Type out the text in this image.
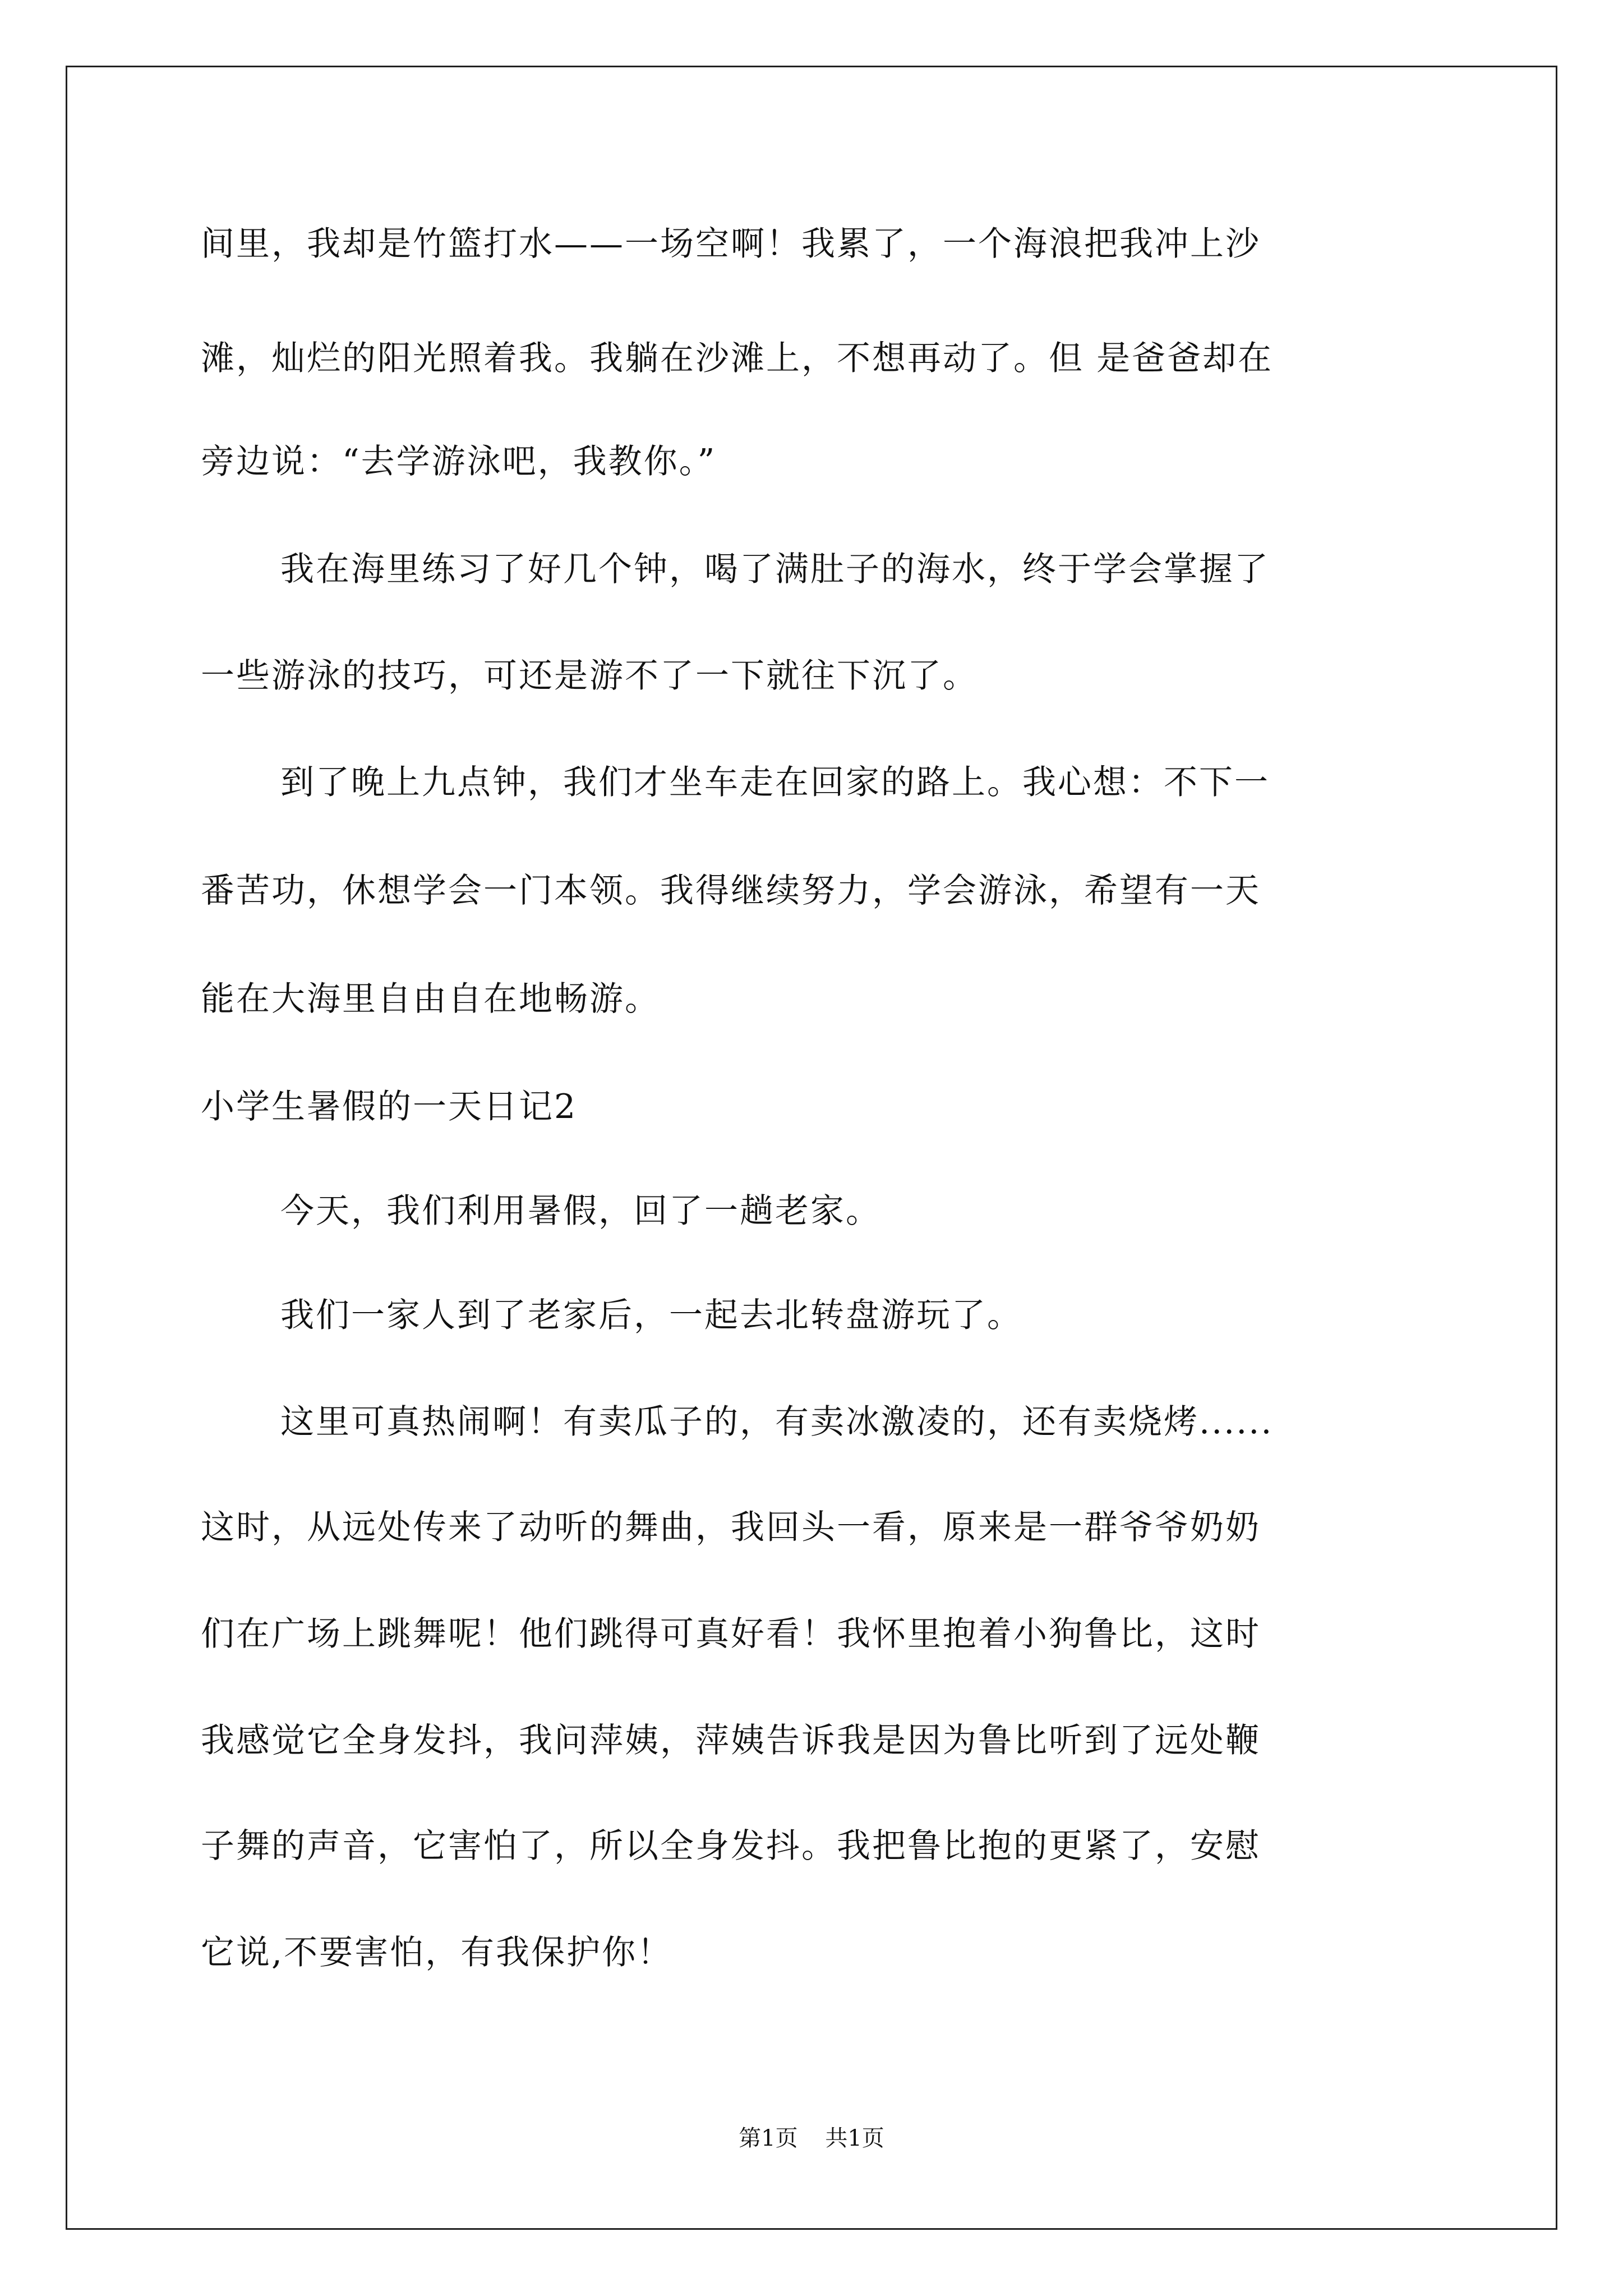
间里，我却是竹篮打水——一场空啊！我累了，一个海浪把我冲上沙
滩，灿烂的阳光照着我。我躺在沙滩上，不想再动了。但 是爸爸却在
旁边说：“去学游泳吧，我教你。”
我在海里练习了好几个钟，喝了满肚子的海水，终于学会掌握了
一些游泳的技巧，可还是游不了一下就往下沉了。
到了晚上九点钟，我们才坐车走在回家的路上。我心想：不下一
番苦功，休想学会一门本领。我得继续努力，学会游泳，希望有一天
能在大海里自由自在地畅游。
小学生暑假的一天日记2
今天，我们利用暑假，回了一趟老家。
我们一家人到了老家后，一起去北转盘游玩了。
这里可真热闹啊！有卖瓜子的，有卖冰激凌的，还有卖烧烤......
这时，从远处传来了动听的舞曲，我回头一看，原来是一群爷爷奶奶
们在广场上跳舞呢！他们跳得可真好看！我怀里抱着小狗鲁比，这时
我感觉它全身发抖，我问萍姨，萍姨告诉我是因为鲁比听到了远处鞭
子舞的声音，它害怕了，所以全身发抖。我把鲁比抱的更紧了，安慰
它说,不要害怕，有我保护你！
第1页 共1页
